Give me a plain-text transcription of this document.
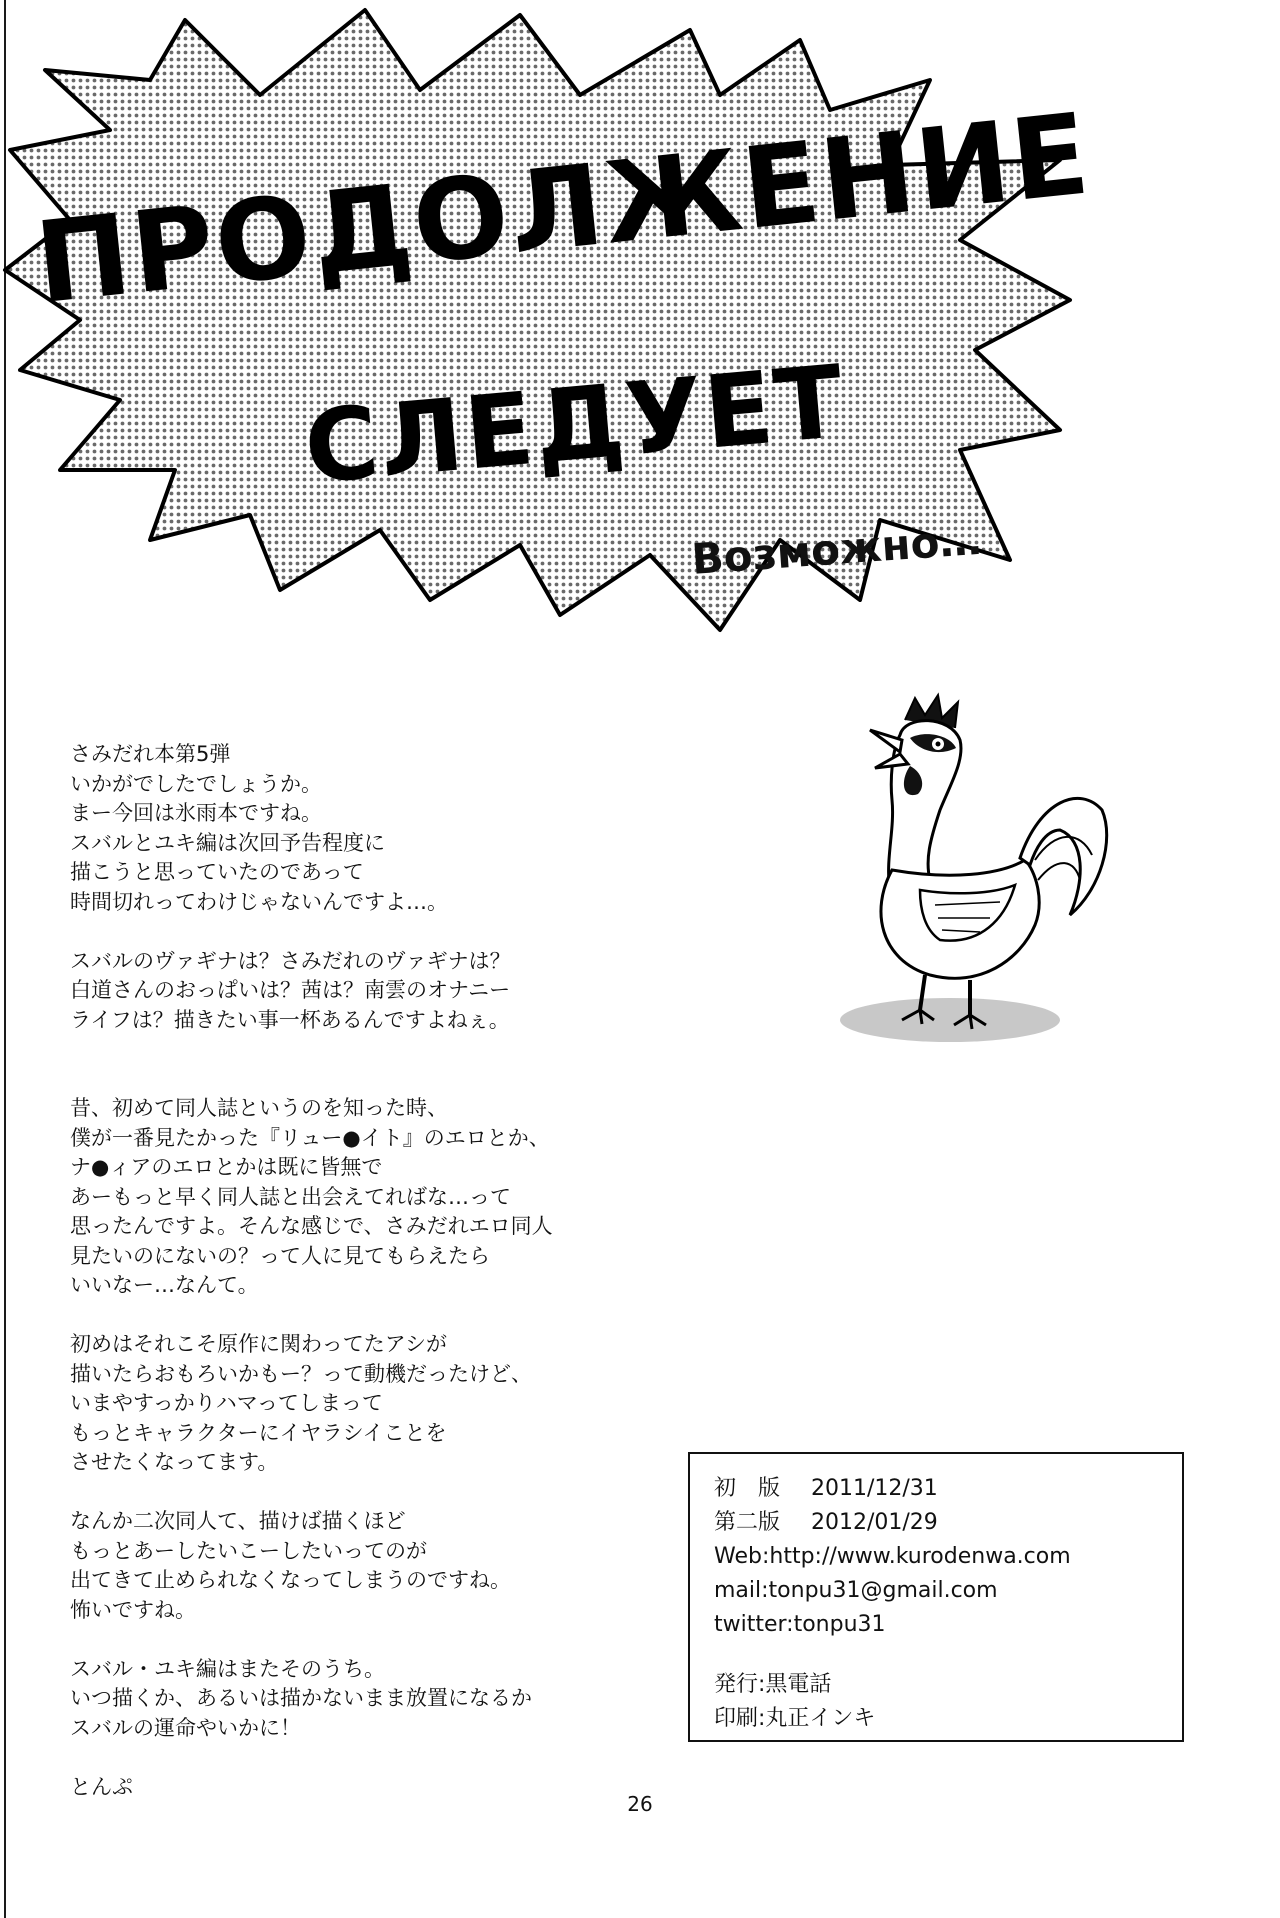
ПРОДОЛЖЕНИЕ
СЛЕДУЕТ
Возможно…
さみだれ本第5弾
いかがでしたでしょうか。
まー今回は氷雨本ですね。
スバルとユキ編は次回予告程度に
描こうと思っていたのであって
時間切れってわけじゃないんですよ…。
スバルのヴァギナは？さみだれのヴァギナは？
白道さんのおっぱいは？茜は？南雲のオナニー
ライフは？描きたい事一杯あるんですよねぇ。
昔、初めて同人誌というのを知った時、
僕が一番見たかった『リュー●イト』のエロとか、
ナ●ィアのエロとかは既に皆無で
あーもっと早く同人誌と出会えてればな…って
思ったんですよ。そんな感じで、さみだれエロ同人
見たいのにないの？って人に見てもらえたら
いいなー…なんて。
初めはそれこそ原作に関わってたアシが
描いたらおもろいかもー？って動機だったけど、
いまやすっかりハマってしまって
もっとキャラクターにイヤラシイことを
させたくなってます。
なんか二次同人て、描けば描くほど
もっとあーしたいこーしたいってのが
出てきて止められなくなってしまうのですね。
怖いですね。
スバル・ユキ編はまたそのうち。
いつ描くか、あるいは描かないまま放置になるか
スバルの運命やいかに！
とんぷ
初　版 2011/12/31
第二版 2012/01/29
Web:http://www.kurodenwa.com
mail:tonpu31@gmail.com
twitter:tonpu31
発行:黒電話
印刷:丸正インキ
26
